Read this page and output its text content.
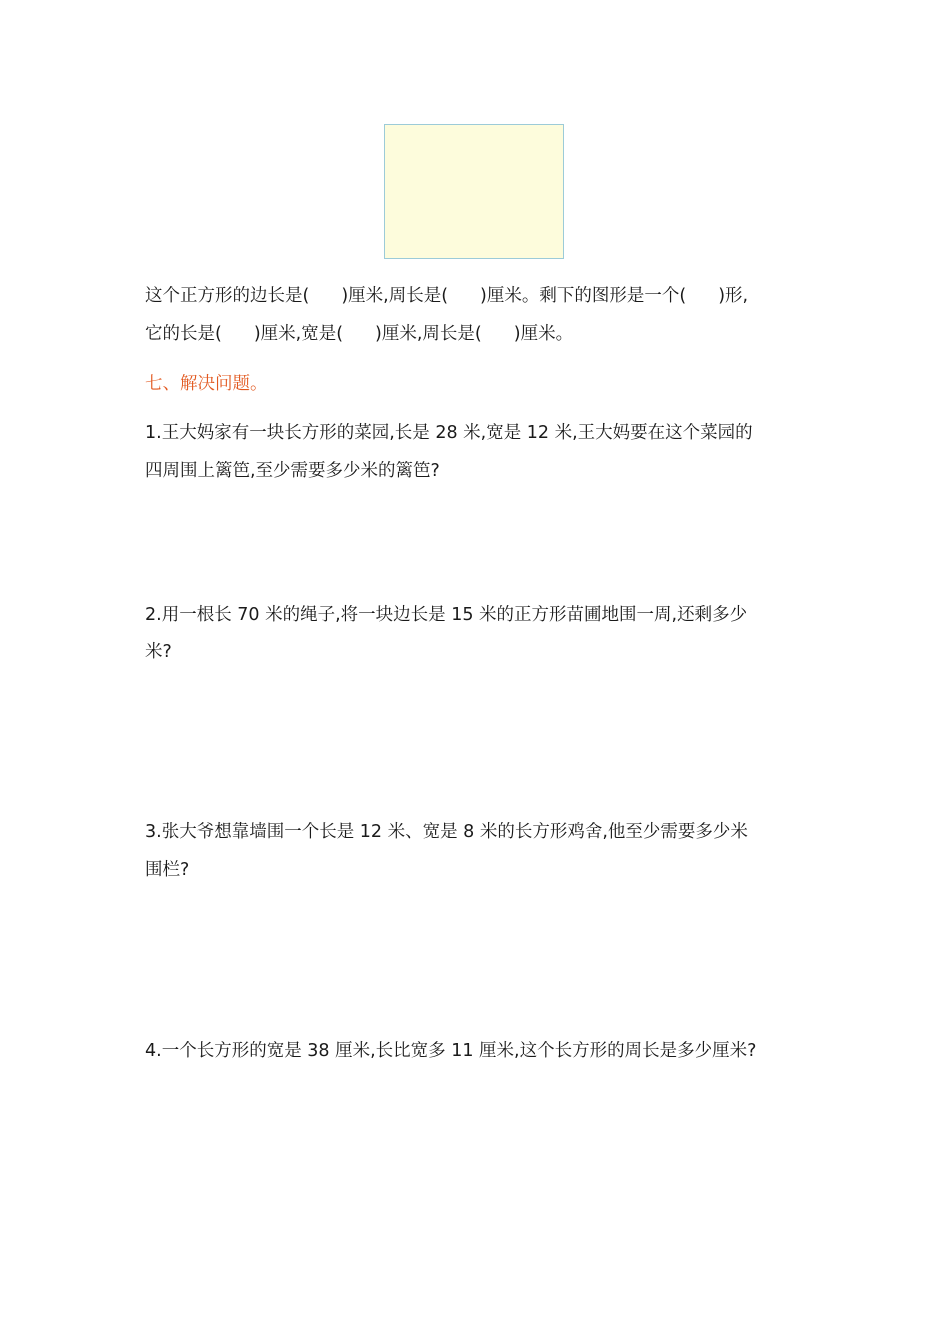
这个正方形的边长是( )厘米,周长是( )厘米。剩下的图形是一个( )形,
它的长是( )厘米,宽是( )厘米,周长是( )厘米。
七、解决问题。
1.王大妈家有一块长方形的菜园,长是 28 米,宽是 12 米,王大妈要在这个菜园的
四周围上篱笆,至少需要多少米的篱笆?
2.用一根长 70 米的绳子,将一块边长是 15 米的正方形苗圃地围一周,还剩多少
米?
3.张大爷想靠墙围一个长是 12 米、宽是 8 米的长方形鸡舍,他至少需要多少米
围栏?
4.一个长方形的宽是 38 厘米,长比宽多 11 厘米,这个长方形的周长是多少厘米?
